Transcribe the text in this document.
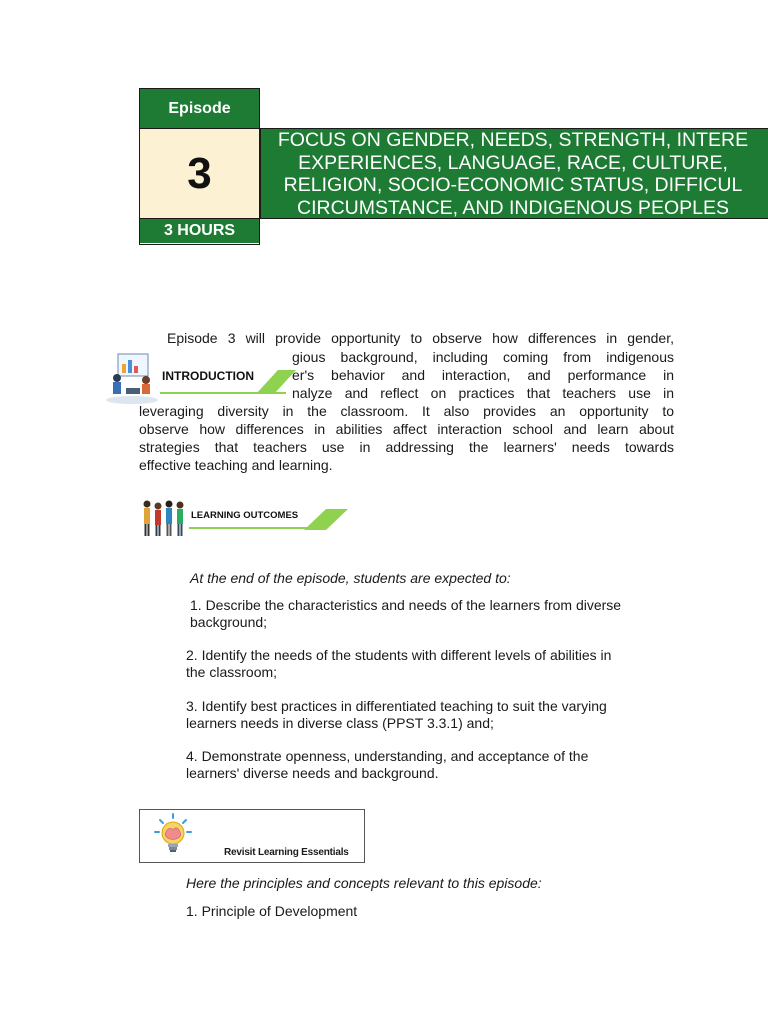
Episode
3
3 HOURS
FOCUS ON GENDER, NEEDS, STRENGTH, INTERE
EXPERIENCES, LANGUAGE, RACE, CULTURE,
RELIGION, SOCIO-ECONOMIC STATUS, DIFFICUL
CIRCUMSTANCE, AND INDIGENOUS PEOPLES
Episode 3 will provide opportunity to observe how differences in gender,
gious background, including coming from indigenous
er's behavior and interaction, and performance in
nalyze and reflect on practices that teachers use in
leveraging diversity in the classroom. It also provides an opportunity to
observe how differences in abilities affect interaction school and learn about
strategies that teachers use in addressing the learners' needs towards
effective teaching and learning.
INTRODUCTION
LEARNING OUTCOMES
At the end of the episode, students are expected to:
1. Describe the characteristics and needs of the learners from diverse
background;
2. Identify the needs of the students with different levels of abilities in
the classroom;
3. Identify best practices in differentiated teaching to suit the varying
learners needs in diverse class (PPST 3.3.1) and;
4. Demonstrate openness, understanding, and acceptance of the
learners' diverse needs and background.
Revisit Learning Essentials
Here the principles and concepts relevant to this episode:
1. Principle of Development
